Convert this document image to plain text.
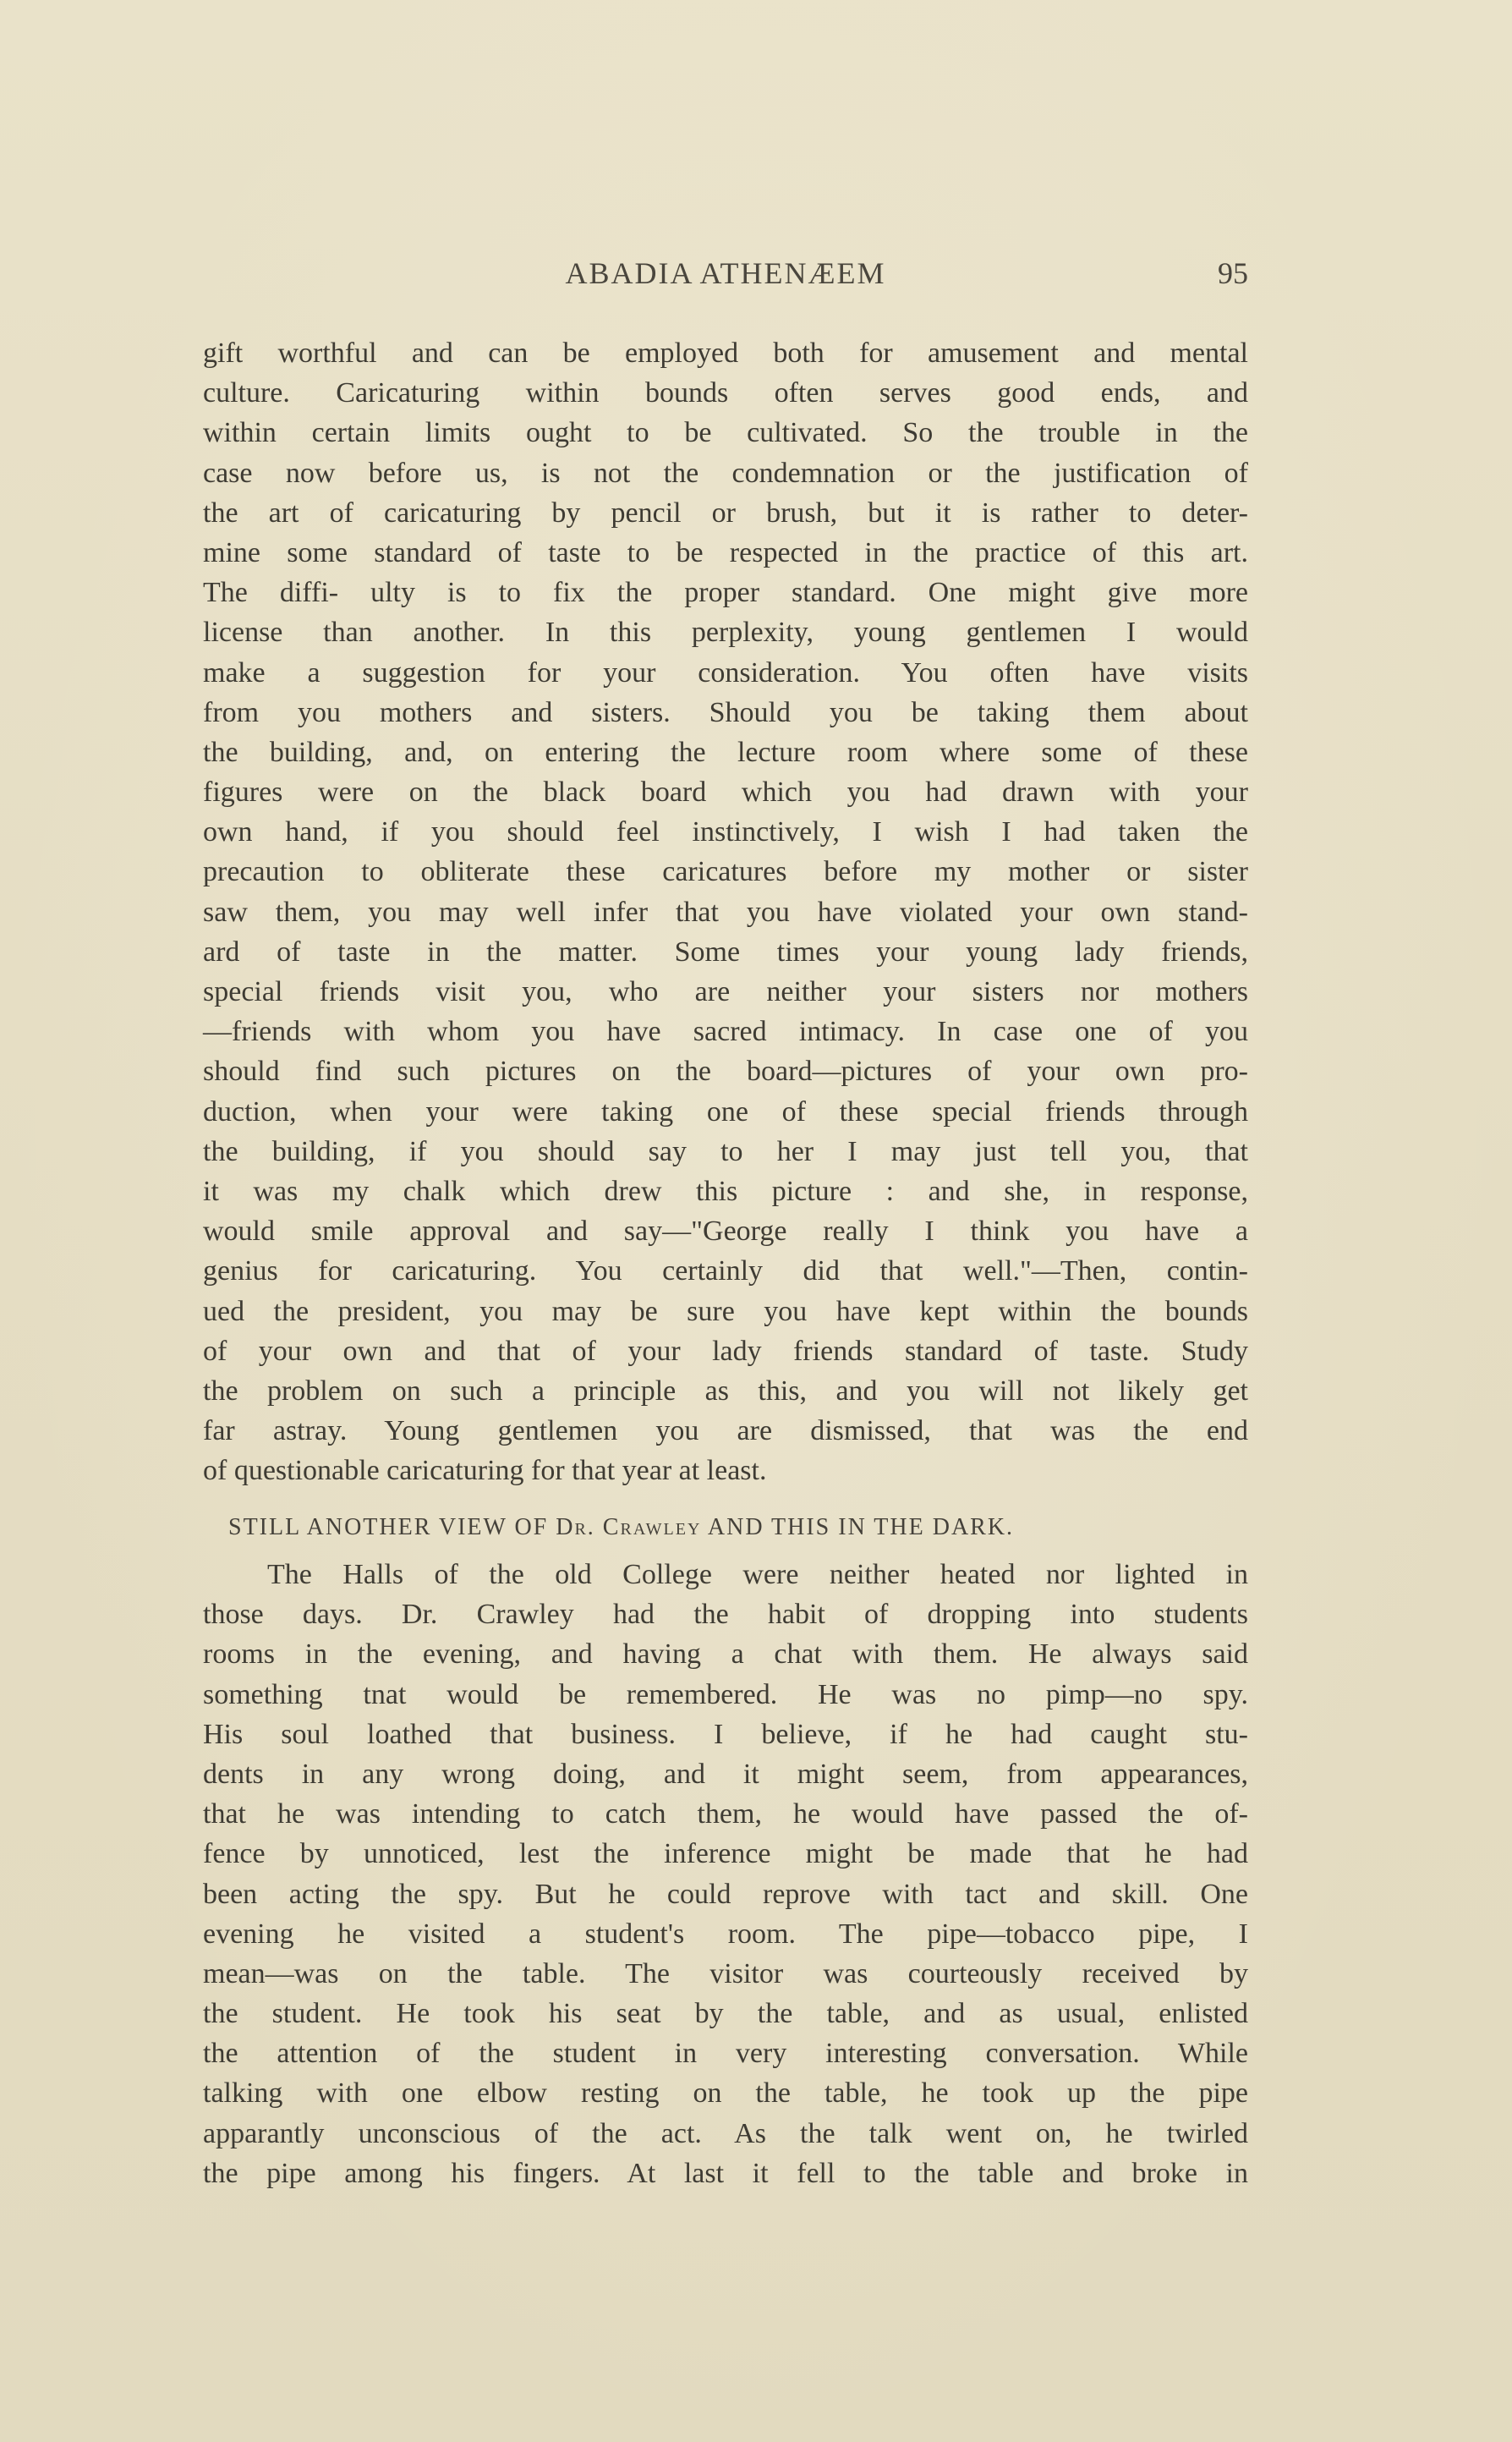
ABADIA ATHENÆEM	95
gift worthful and can be employed both for amusement and mental
culture. Caricaturing within bounds often serves good ends, and
within certain limits ought to be cultivated. So the trouble in the
case now before us, is not the condemnation or the justification of
the art of caricaturing by pencil or brush, but it is rather to deter-
mine some standard of taste to be respected in the practice of this art.
The diffi- ulty is to fix the proper standard. One might give more
license than another. In this perplexity, young gentlemen I would
make a suggestion for your consideration. You often have visits
from you mothers and sisters. Should you be taking them about
the building, and, on entering the lecture room where some of these
figures were on the black board which you had drawn with your
own hand, if you should feel instinctively, I wish I had taken the
precaution to obliterate these caricatures before my mother or sister
saw them, you may well infer that you have violated your own stand-
ard of taste in the matter. Some times your young lady friends,
special friends visit you, who are neither your sisters nor mothers
—friends with whom you have sacred intimacy. In case one of you
should find such pictures on the board—pictures of your own pro-
duction, when your were taking one of these special friends through
the building, if you should say to her I may just tell you, that
it was my chalk which drew this picture : and she, in response,
would smile approval and say—"George really I think you have a
genius for caricaturing. You certainly did that well."—Then, contin-
ued the president, you may be sure you have kept within the bounds
of your own and that of your lady friends standard of taste. Study
the problem on such a principle as this, and you will not likely get
far astray. Young gentlemen you are dismissed, that was the end
of questionable caricaturing for that year at least.
STILL ANOTHER VIEW OF Dr. Crawley AND THIS IN THE DARK.
The Halls of the old College were neither heated nor lighted in
those days. Dr. Crawley had the habit of dropping into students
rooms in the evening, and having a chat with them. He always said
something tnat would be remembered. He was no pimp—no spy.
His soul loathed that business. I believe, if he had caught stu-
dents in any wrong doing, and it might seem, from appearances,
that he was intending to catch them, he would have passed the of-
fence by unnoticed, lest the inference might be made that he had
been acting the spy. But he could reprove with tact and skill. One
evening he visited a student's room. The pipe—tobacco pipe, I
mean—was on the table. The visitor was courteously received by
the student. He took his seat by the table, and as usual, enlisted
the attention of the student in very interesting conversation. While
talking with one elbow resting on the table, he took up the pipe
apparantly unconscious of the act. As the talk went on, he twirled
the pipe among his fingers. At last it fell to the table and broke in
